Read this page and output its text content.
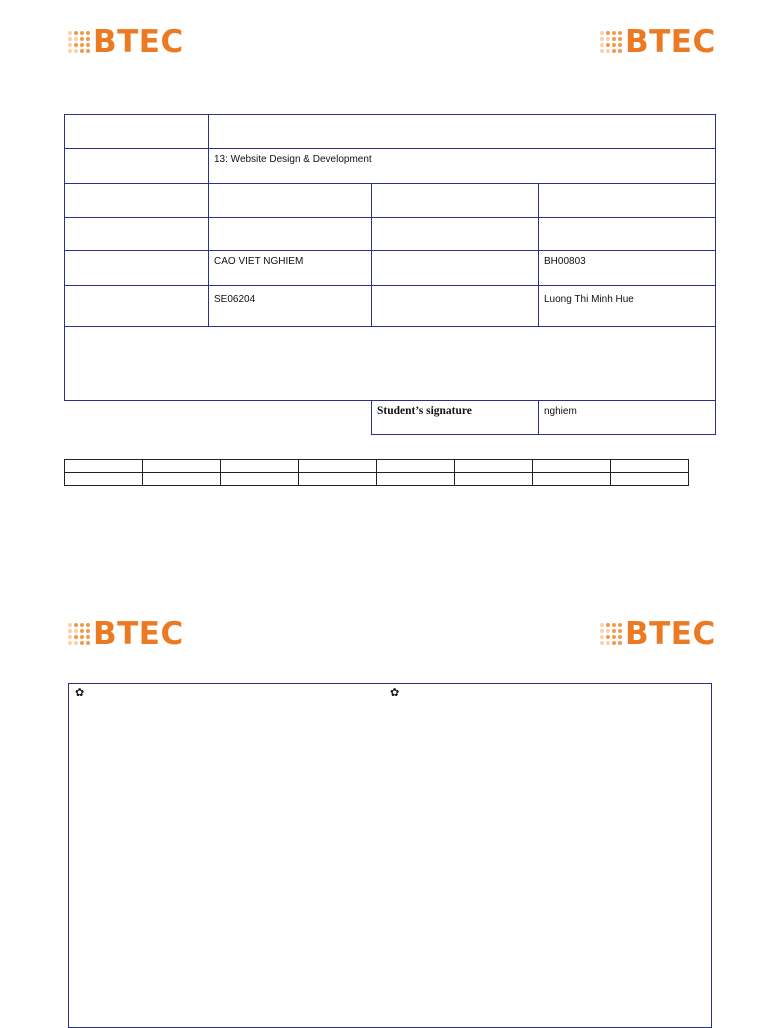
BTEC	BTEC
13: Website Design & Development
CAO VIET NGHIEM	BH00803
SE06204	Luong Thi Minh Hue
Student’s signature	nghiem

BTEC	BTEC
✿	✿
